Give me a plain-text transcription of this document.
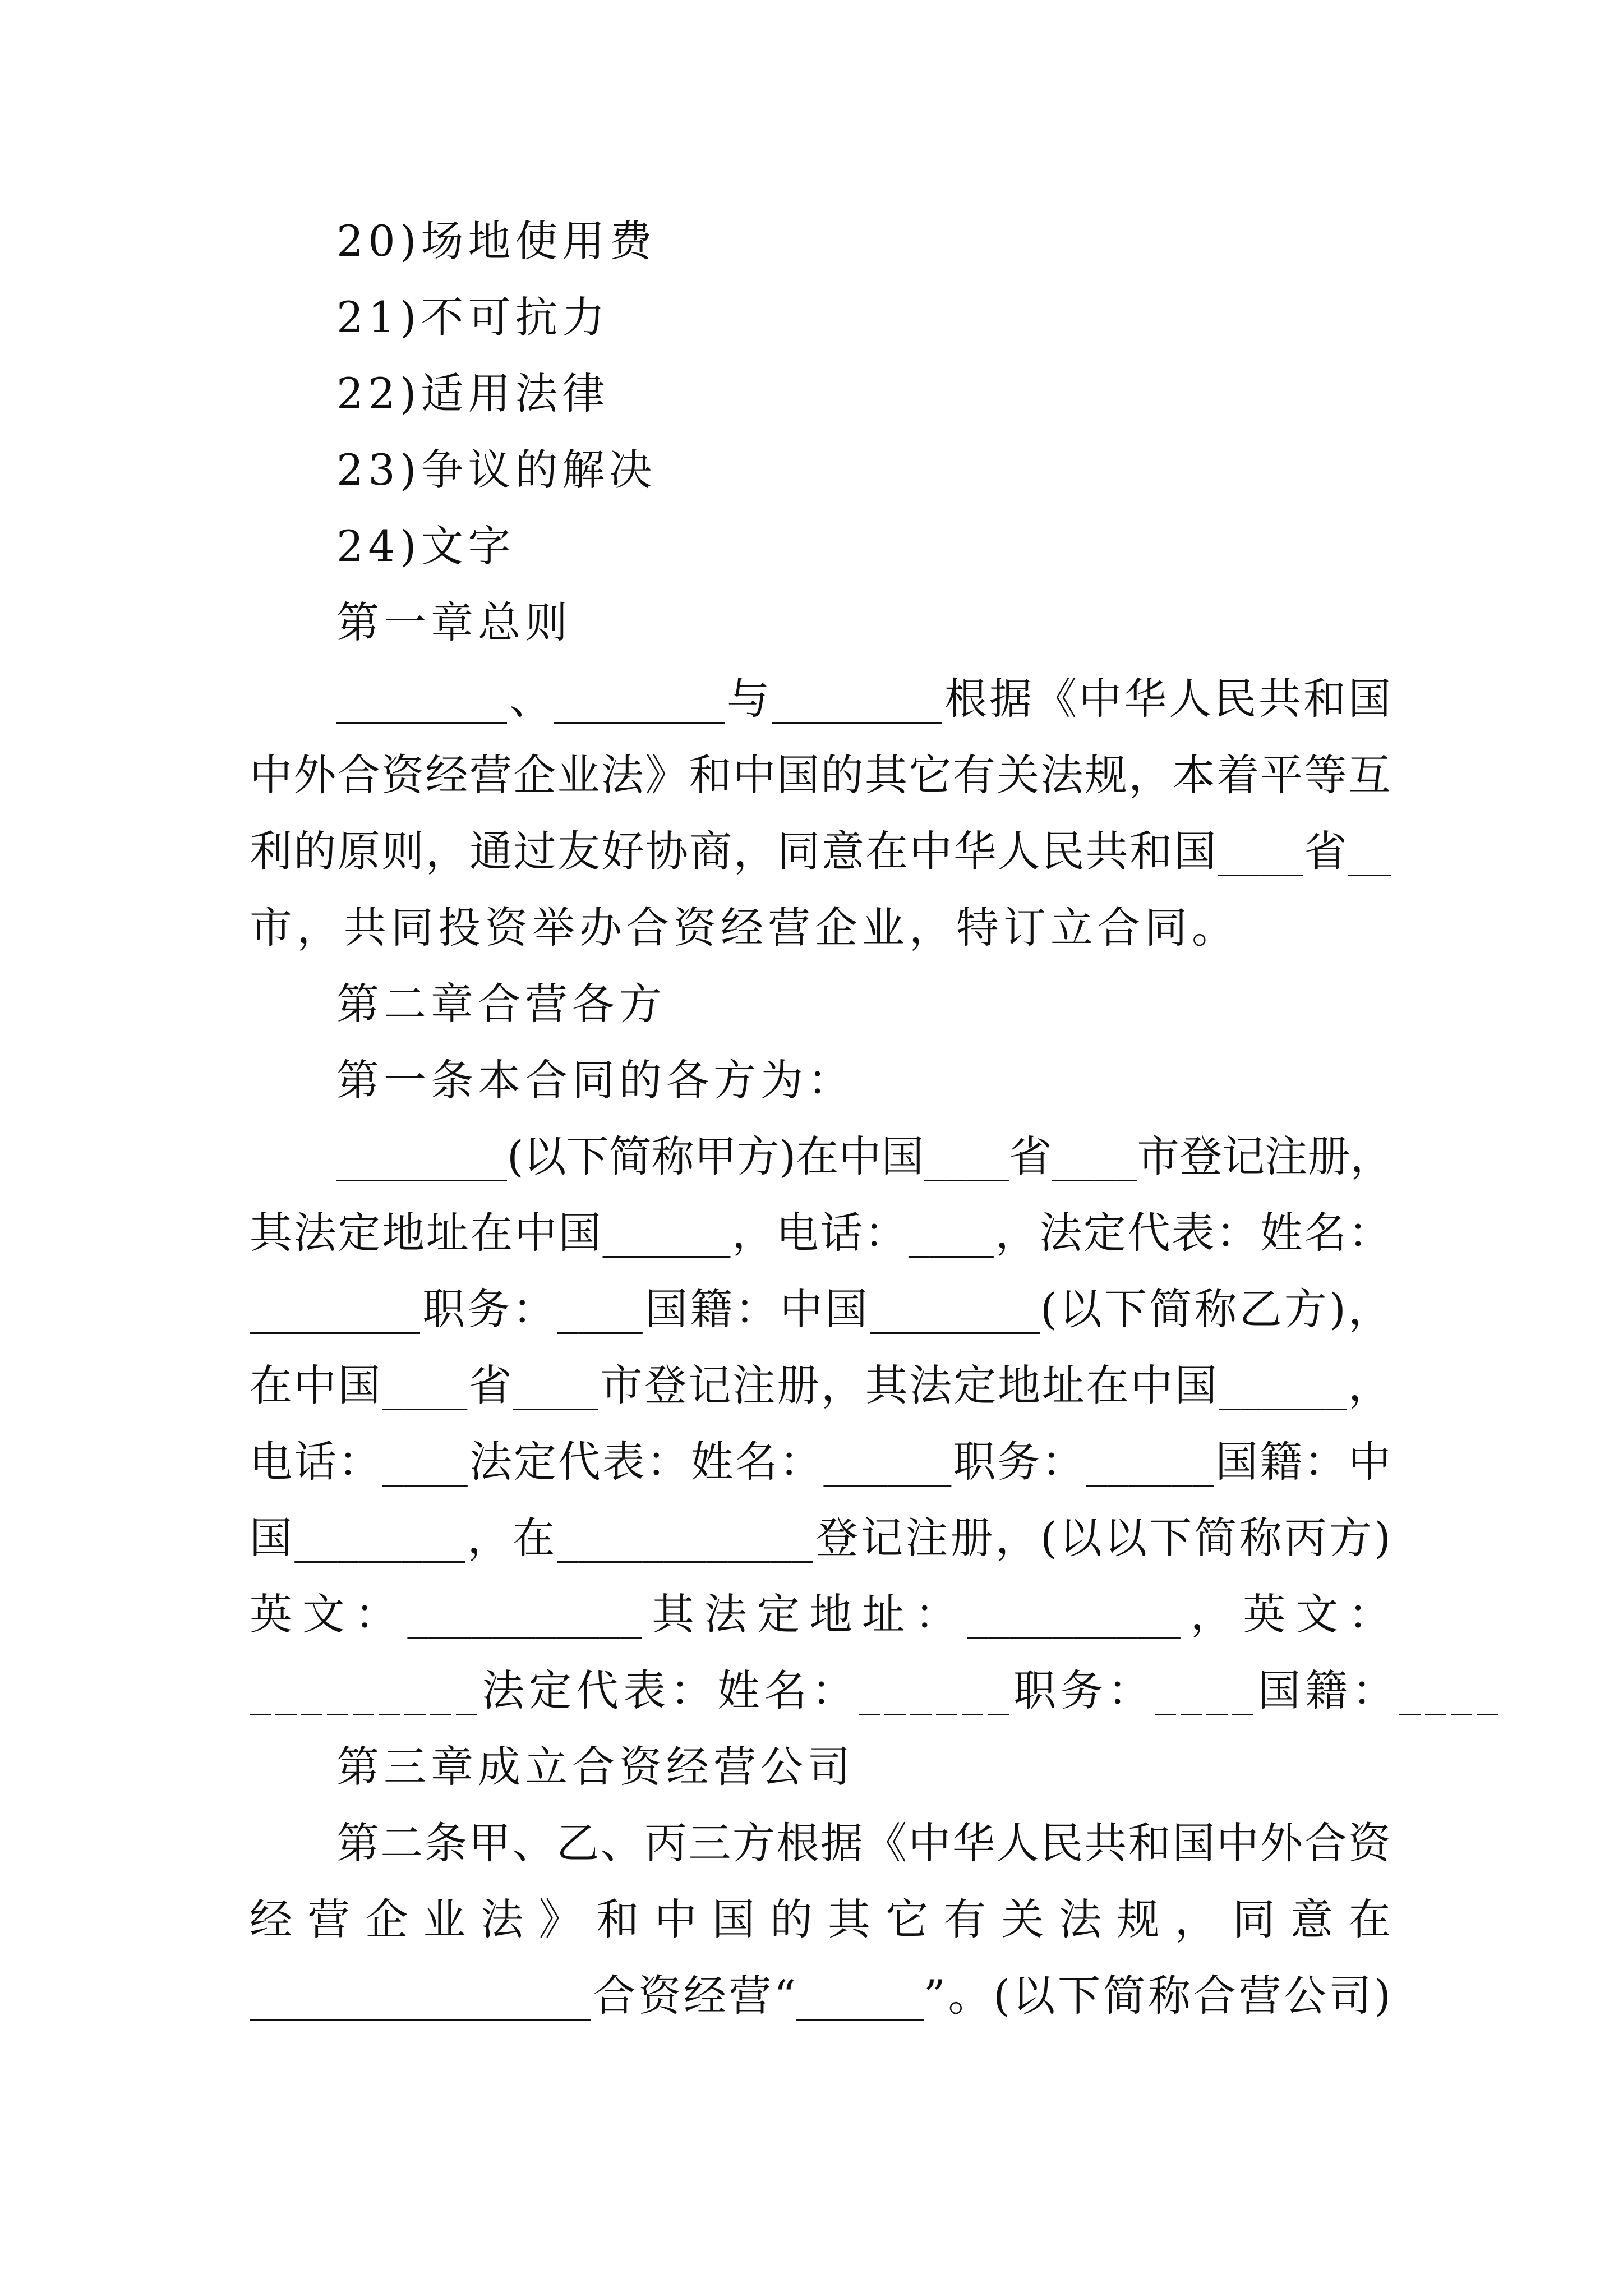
20)场地使用费
21)不可抗力
22)适用法律
23)争议的解决
24)文字
第一章总则
________、________与________根据《中华人民共和国
中外合资经营企业法》和中国的其它有关法规，本着平等互
利的原则，通过友好协商，同意在中华人民共和国____省__
市，共同投资举办合资经营企业，特订立合同。
第二章合营各方
第一条本合同的各方为：
________(以下简称甲方)在中国____省____市登记注册，
其法定地址在中国______，电话：____，法定代表：姓名：
________职务：____国籍：中国________(以下简称乙方)，
在中国____省____市登记注册，其法定地址在中国______，
电话：____法定代表：姓名：______职务：______国籍：中
国________，在____________登记注册，(以以下简称丙方)
英文：___________其法定地址：__________，英文：
_________法定代表：姓名：______职务：____国籍：____
第三章成立合资经营公司
第二条甲、乙、丙三方根据《中华人民共和国中外合资
经营企业法》和中国的其它有关法规，同意在
________________合资经营“______”。(以下简称合营公司)
